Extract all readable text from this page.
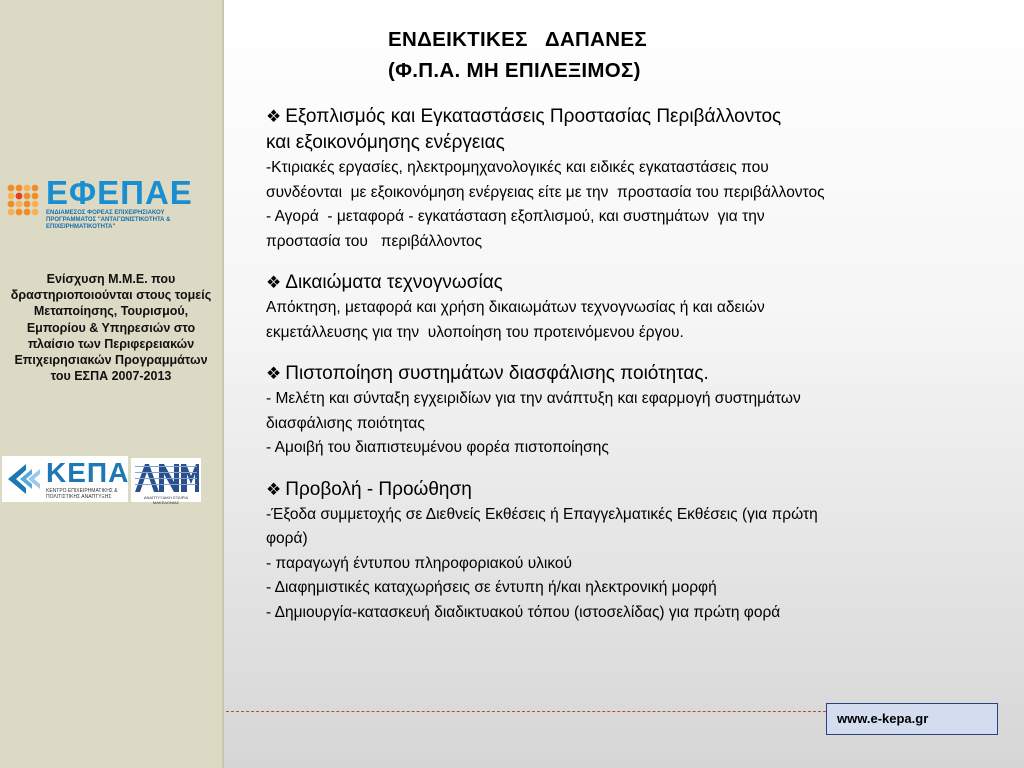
ΕΦΕΠΑΕ
ΕΝΔΙΑΜΕΣΟΣ ΦΟΡΕΑΣ ΕΠΙΧΕΙΡΗΣΙΑΚΟΥ ΠΡΟΓΡΑΜΜΑΤΟΣ "ΑΝΤΑΓΩΝΙΣΤΙΚΟΤΗΤΑ & ΕΠΙΧΕΙΡΗΜΑΤΙΚΟΤΗΤΑ"
Ενίσχυση Μ.Μ.Ε. που δραστηριοποιούνται στους τομείς Μεταποίησης, Τουρισμού, Εμπορίου & Υπηρεσιών στο πλαίσιο των Περιφερειακών Επιχειρησιακών Προγραμμάτων του ΕΣΠΑ 2007-2013
ΚΕΠΑ
ΚΕΝΤΡΟ ΕΠΙΧΕΙΡΗΜΑΤΙΚΗΣ & ΠΟΛΙΤΙΣΤΙΚΗΣ ΑΝΑΠΤΥΞΗΣ	ΑΝΑΠΤΥΞΙΑΚΗ ΕΤΑΙΡΙΑ ΜΑΚΕΔΟΝΙΑΣ
ΕΝΔΕΙΚΤΙΚΕΣ   ΔΑΠΑΝΕΣ
(Φ.Π.Α. ΜΗ ΕΠΙΛΕΞΙΜΟΣ)

❖ Εξοπλισμός και Εγκαταστάσεις Προστασίας Περιβάλλοντος

και εξοικονόμησης ενέργειας

-Κτιριακές εργασίες, ηλεκτρομηχανολογικές και ειδικές εγκαταστάσεις που

συνδέονται  με εξοικονόμηση ενέργειας είτε με την  προστασία του περιβάλλοντος

- Αγορά  - μεταφορά - εγκατάσταση εξοπλισμού, και συστημάτων  για την

προστασία του   περιβάλλοντος

❖ Δικαιώματα τεχνογνωσίας

Απόκτηση, μεταφορά και χρήση δικαιωμάτων τεχνογνωσίας ή και αδειών

εκμετάλλευσης για την  υλοποίηση του προτεινόμενου έργου.

❖ Πιστοποίηση συστημάτων διασφάλισης ποιότητας.

- Μελέτη και σύνταξη εγχειριδίων για την ανάπτυξη και εφαρμογή συστημάτων

διασφάλισης ποιότητας

- Αμοιβή του διαπιστευμένου φορέα πιστοποίησης

❖ Προβολή - Προώθηση

-Έξοδα συμμετοχής σε Διεθνείς Εκθέσεις ή Επαγγελματικές Εκθέσεις (για πρώτη

φορά)

- παραγωγή έντυπου πληροφοριακού υλικού

- Διαφημιστικές καταχωρήσεις σε έντυπη ή/και ηλεκτρονική μορφή

- Δημιουργία-κατασκευή διαδικτυακού τόπου (ιστοσελίδας) για πρώτη φορά

www.e-kepa.gr
